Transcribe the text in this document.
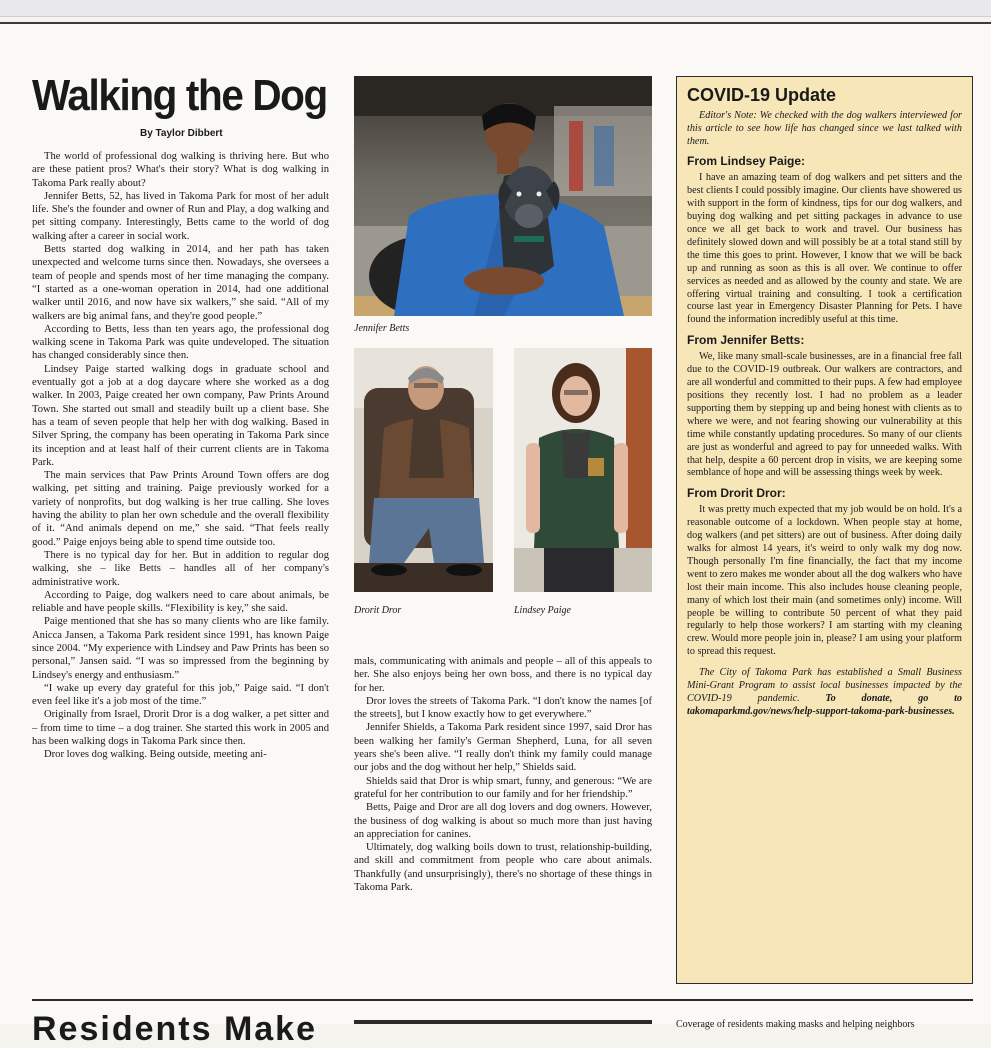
Walking the Dog
By Taylor Dibbert

The world of professional dog walking is thriving here. But who are these patient pros? What's their story? What is dog walking in Takoma Park really about?

Jennifer Betts, 52, has lived in Takoma Park for most of her adult life. She's the founder and owner of Run and Play, a dog walking and pet sitting company. Interestingly, Betts came to the world of dog walking after a career in social work.

Betts started dog walking in 2014, and her path has taken unexpected and welcome turns since then. Nowadays, she oversees a team of people and spends most of her time managing the company. “I started as a one-woman operation in 2014, had one additional walker until 2016, and now have six walkers,” she said. “All of my walkers are big animal fans, and they're good people.”

According to Betts, less than ten years ago, the professional dog walking scene in Takoma Park was quite undeveloped. The situation has changed considerably since then.

Lindsey Paige started walking dogs in graduate school and eventually got a job at a dog daycare where she worked as a dog walker. In 2003, Paige created her own company, Paw Prints Around Town. She started out small and steadily built up a client base. She has a team of seven people that help her with dog walking. Based in Silver Spring, the company has been operating in Takoma Park since its inception and at least half of their current clients are in Takoma Park.

The main services that Paw Prints Around Town offers are dog walking, pet sitting and training. Paige previously worked for a variety of nonprofits, but dog walking is her true calling. She loves having the ability to plan her own schedule and the overall flexibility of it. “And animals depend on me,” she said. “That feels really good.” Paige enjoys being able to spend time outside too.

There is no typical day for her. But in addition to regular dog walking, she – like Betts – handles all of her company's administrative work.

According to Paige, dog walkers need to care about animals, be reliable and have people skills. “Flexibility is key,” she said.

Paige mentioned that she has so many clients who are like family. Anicca Jansen, a Takoma Park resident since 1991, has known Paige since 2004. “My experience with Lindsey and Paw Prints has been so personal,” Jansen said. “I was so impressed from the beginning by Lindsey's energy and enthusiasm.”

“I wake up every day grateful for this job,” Paige said. “I don't even feel like it's a job most of the time.”

Originally from Israel, Drorit Dror is a dog walker, a pet sitter and – from time to time – a dog trainer. She started this work in 2005 and has been walking dogs in Takoma Park since then.

Dror loves dog walking. Being outside, meeting ani-

Jennifer Betts
Drorit Dror	Lindsey Paige

mals, communicating with animals and people – all of this appeals to her. She also enjoys being her own boss, and there is no typical day for her.

Dror loves the streets of Takoma Park. “I don't know the names [of the streets], but I know exactly how to get everywhere.”

Jennifer Shields, a Takoma Park resident since 1997, said Dror has been walking her family's German Shepherd, Luna, for all seven years she's been alive. “I really don't think my family could manage our jobs and the dog without her help,” Shields said.

Shields said that Dror is whip smart, funny, and generous: “We are grateful for her contribution to our family and for her friendship.”

Betts, Paige and Dror are all dog lovers and dog owners. However, the business of dog walking is about so much more than just having an appreciation for canines.

Ultimately, dog walking boils down to trust, relationship-building, and skill and commitment from people who care about animals. Thankfully (and unsurprisingly), there's no shortage of these things in Takoma Park.

COVID-19 Update

Editor's Note: We checked with the dog walkers interviewed for this article to see how life has changed since we last talked with them.

From Lindsey Paige:

I have an amazing team of dog walkers and pet sitters and the best clients I could possibly imagine. Our clients have showered us with support in the form of kindness, tips for our dog walkers, and buying dog walking and pet sitting packages in advance to use once we all get back to work and travel. Our business has definitely slowed down and will possibly be at a total stand still by the time this goes to print. However, I know that we will be back up and running as soon as this is all over. We continue to offer services as needed and as allowed by the county and state. We are offering virtual training and consulting. I took a certification course last year in Emergency Disaster Planning for Pets. I have found the information incredibly useful at this time.

From Jennifer Betts:

We, like many small-scale businesses, are in a financial free fall due to the COVID-19 outbreak. Our walkers are contractors, and are all wonderful and committed to their pups. A few had employee positions they recently lost. I had no problem as a leader supporting them by stepping up and being honest with clients as to where we were, and not fearing showing our vulnerability at this time while constantly updating procedures. So many of our clients are just as wonderful and agreed to pay for unneeded walks. With that help, despite a 60 percent drop in visits, we are keeping some semblance of hope and will be assessing things week by week.

From Drorit Dror:

It was pretty much expected that my job would be on hold. It's a reasonable outcome of a lockdown. When people stay at home, dog walkers (and pet sitters) are out of business. After doing daily walks for almost 14 years, it's weird to only walk my dog now. Though personally I'm fine financially, the fact that my income went to zero makes me wonder about all the dog walkers who have lost their main income. This also includes house cleaning people, many of which lost their main (and sometimes only) income. Will people be willing to contribute 50 percent of what they paid regularly to help those workers? I am starting with my cleaning crew. Would more people join in, please? I am using your platform to spread this request.

The City of Takoma Park has established a Small Business Mini-Grant Program to assist local businesses impacted by the COVID-19 pandemic. To donate, go to takomaparkmd.gov/news/help-support-takoma-park-businesses.

Residents Make	Coverage of residents making masks and helping neighbors
